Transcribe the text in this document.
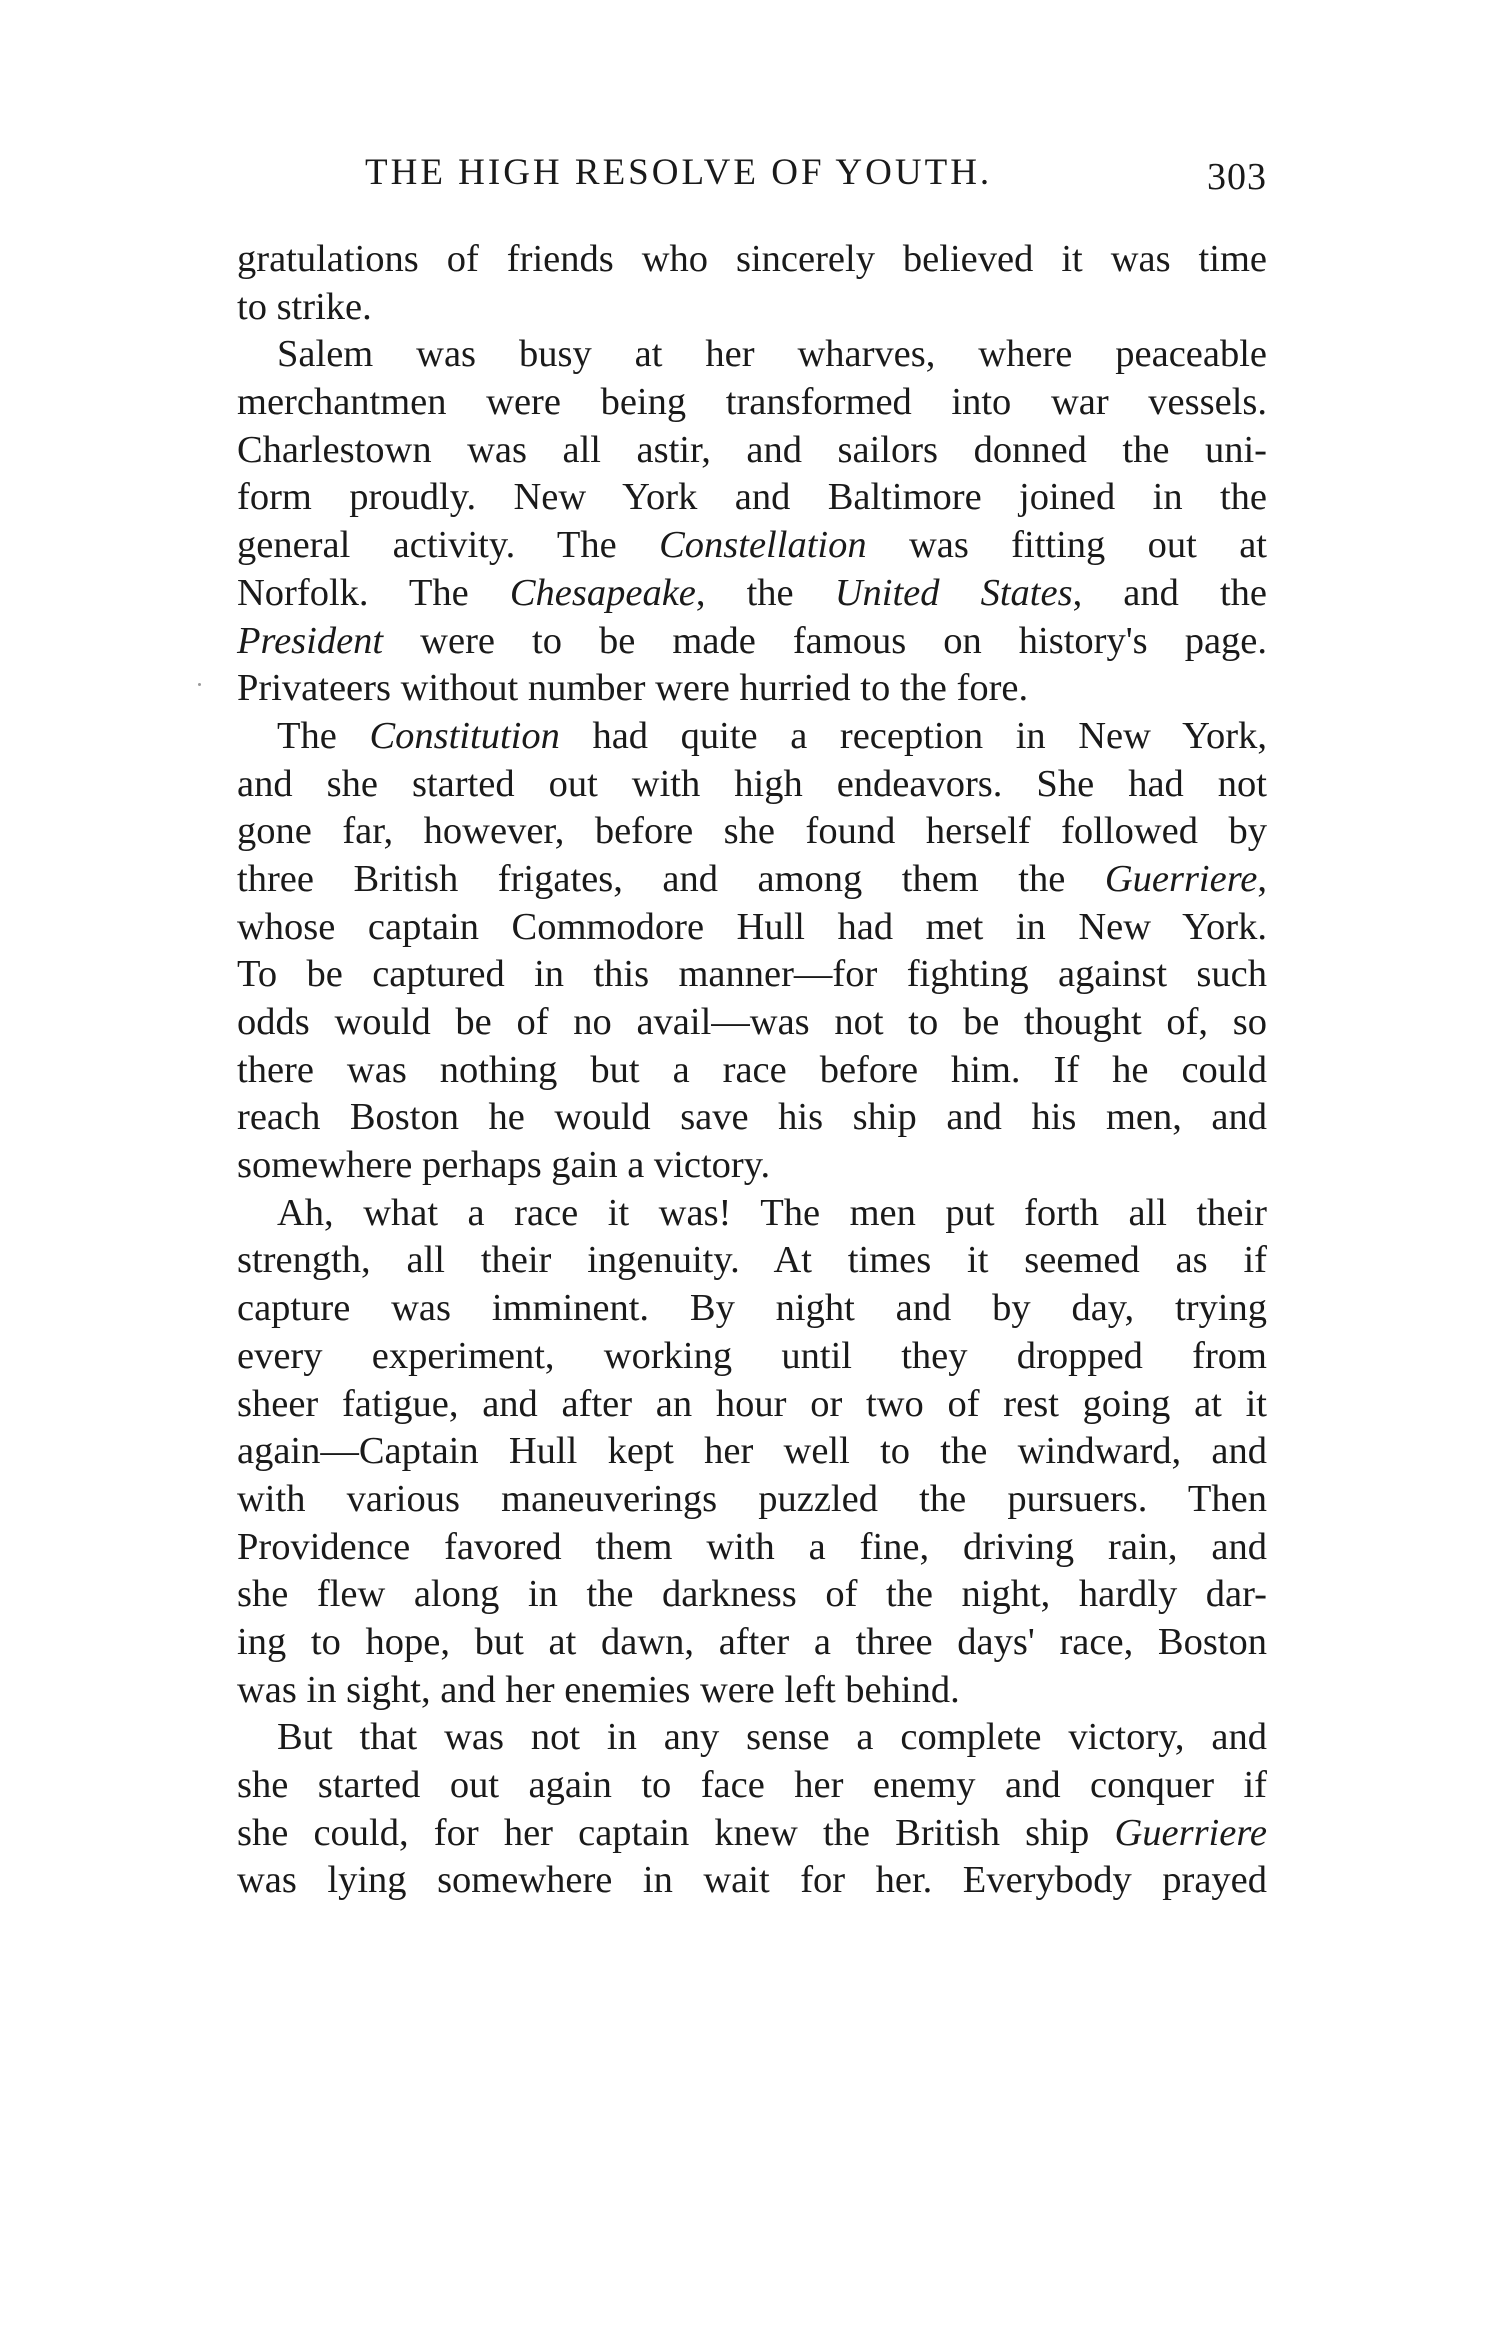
THE HIGH RESOLVE OF YOUTH.	303

gratulations of friends who sincerely believed it was time

to strike.

Salem was busy at her wharves, where peaceable

merchantmen were being transformed into war vessels.

Charlestown was all astir, and sailors donned the uni-

form proudly. New York and Baltimore joined in the

general activity. The Constellation was fitting out at

Norfolk. The Chesapeake, the United States, and the

President were to be made famous on history's page.

Privateers without number were hurried to the fore.

The Constitution had quite a reception in New York,

and she started out with high endeavors. She had not

gone far, however, before she found herself followed by

three British frigates, and among them the Guerriere,

whose captain Commodore Hull had met in New York.

To be captured in this manner—for fighting against such

odds would be of no avail—was not to be thought of, so

there was nothing but a race before him. If he could

reach Boston he would save his ship and his men, and

somewhere perhaps gain a victory.

Ah, what a race it was! The men put forth all their

strength, all their ingenuity. At times it seemed as if

capture was imminent. By night and by day, trying

every experiment, working until they dropped from

sheer fatigue, and after an hour or two of rest going at it

again—Captain Hull kept her well to the windward, and

with various maneuverings puzzled the pursuers. Then

Providence favored them with a fine, driving rain, and

she flew along in the darkness of the night, hardly dar-

ing to hope, but at dawn, after a three days' race, Boston

was in sight, and her enemies were left behind.

But that was not in any sense a complete victory, and

she started out again to face her enemy and conquer if

she could, for her captain knew the British ship Guerriere

was lying somewhere in wait for her. Everybody prayed
